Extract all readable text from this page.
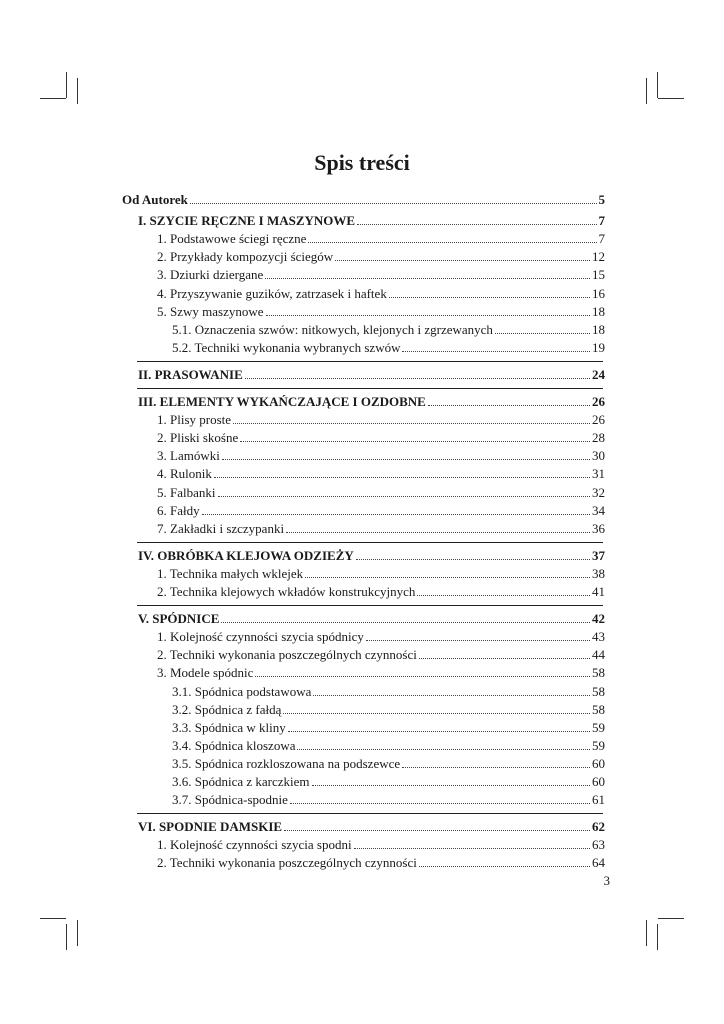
Spis treści
Od Autorek	5
I. SZYCIE RĘCZNE I MASZYNOWE	7
1. Podstawowe ściegi ręczne	7
2. Przykłady kompozycji ściegów	12
3. Dziurki dziergane	15
4. Przyszywanie guzików, zatrzasek i haftek	16
5. Szwy maszynowe	18
5.1. Oznaczenia szwów: nitkowych, klejonych i zgrzewanych	18
5.2. Techniki wykonania wybranych szwów	19
II. PRASOWANIE	24
III. ELEMENTY WYKAŃCZAJĄCE I OZDOBNE	26
1. Plisy proste	26
2. Pliski skośne	28
3. Lamówki	30
4. Rulonik	31
5. Falbanki	32
6. Fałdy	34
7. Zakładki i szczypanki	36
IV. OBRÓBKA KLEJOWA ODZIEŻY	37
1. Technika małych wklejek	38
2. Technika klejowych wkładów konstrukcyjnych	41
V. SPÓDNICE	42
1. Kolejność czynności szycia spódnicy	43
2. Techniki wykonania poszczególnych czynności	44
3. Modele spódnic	58
3.1. Spódnica podstawowa	58
3.2. Spódnica z fałdą	58
3.3. Spódnica w kliny	59
3.4. Spódnica kloszowa	59
3.5. Spódnica rozkloszowana na podszewce	60
3.6. Spódnica z karczkiem	60
3.7. Spódnica-spodnie	61
VI. SPODNIE DAMSKIE	62
1. Kolejność czynności szycia spodni	63
2. Techniki wykonania poszczególnych czynności	64
3
